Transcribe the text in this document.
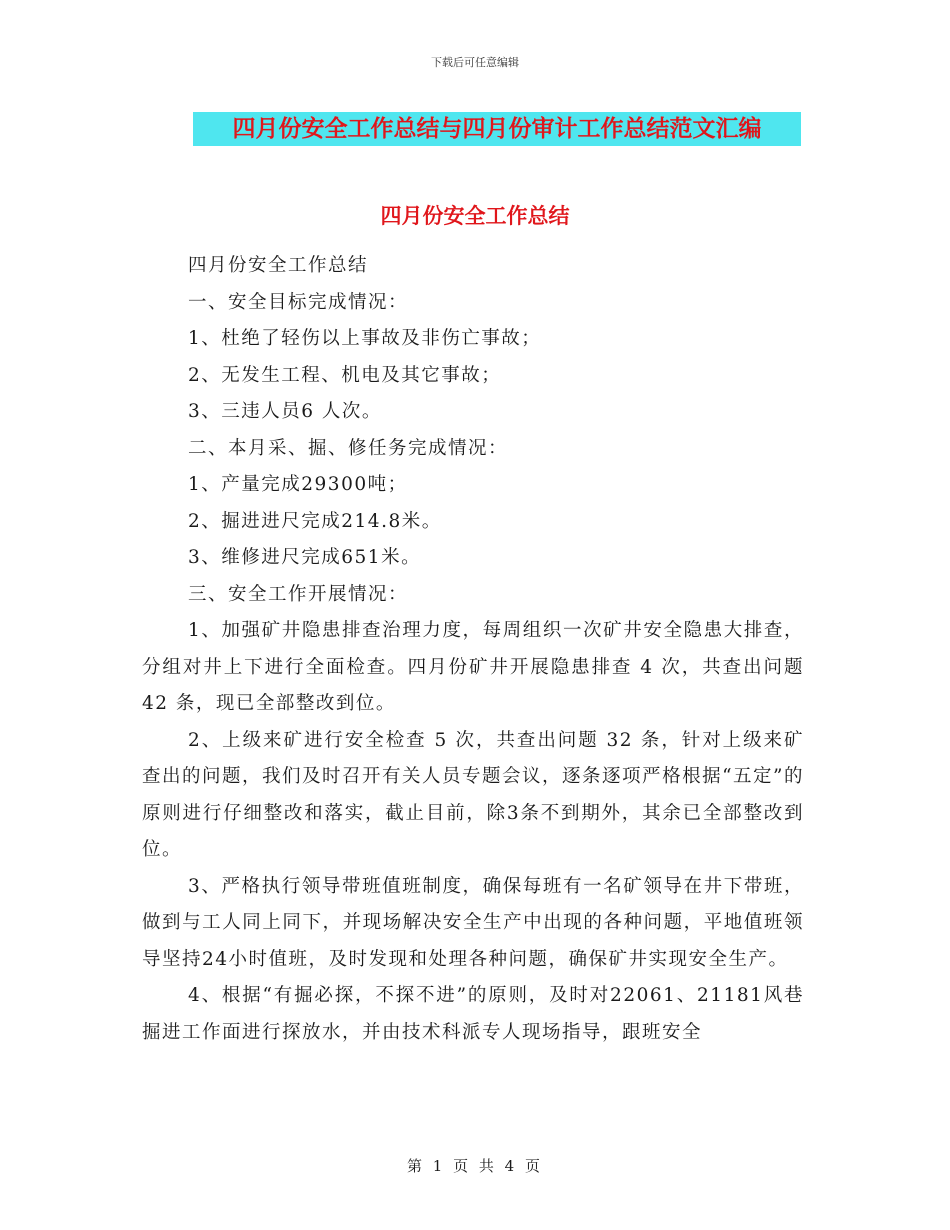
下载后可任意编辑
四月份安全工作总结与四月份审计工作总结范文汇编
四月份安全工作总结

四月份安全工作总结

一、安全目标完成情况：

1、杜绝了轻伤以上事故及非伤亡事故；

2、无发生工程、机电及其它事故；

3、三违人员6 人次。

二、本月采、掘、修任务完成情况：

1、产量完成29300吨；

2、掘进进尺完成214.8米。

3、维修进尺完成651米。

三、安全工作开展情况：

1、加强矿井隐患排查治理力度，每周组织一次矿井安全隐患大排查，分组对井上下进行全面检查。四月份矿井开展隐患排查 4 次，共查出问题42 条，现已全部整改到位。

2、上级来矿进行安全检查 5 次，共查出问题 32 条，针对上级来矿查出的问题，我们及时召开有关人员专题会议，逐条逐项严格根据“五定”的原则进行仔细整改和落实，截止目前，除3条不到期外，其余已全部整改到位。

3、严格执行领导带班值班制度，确保每班有一名矿领导在井下带班，做到与工人同上同下，并现场解决安全生产中出现的各种问题，平地值班领导坚持24小时值班，及时发现和处理各种问题，确保矿井实现安全生产。

4、根据“有掘必探，不探不进”的原则，及时对22061、21181风巷掘进工作面进行探放水，并由技术科派专人现场指导，跟班安全

第 1 页 共 4 页
